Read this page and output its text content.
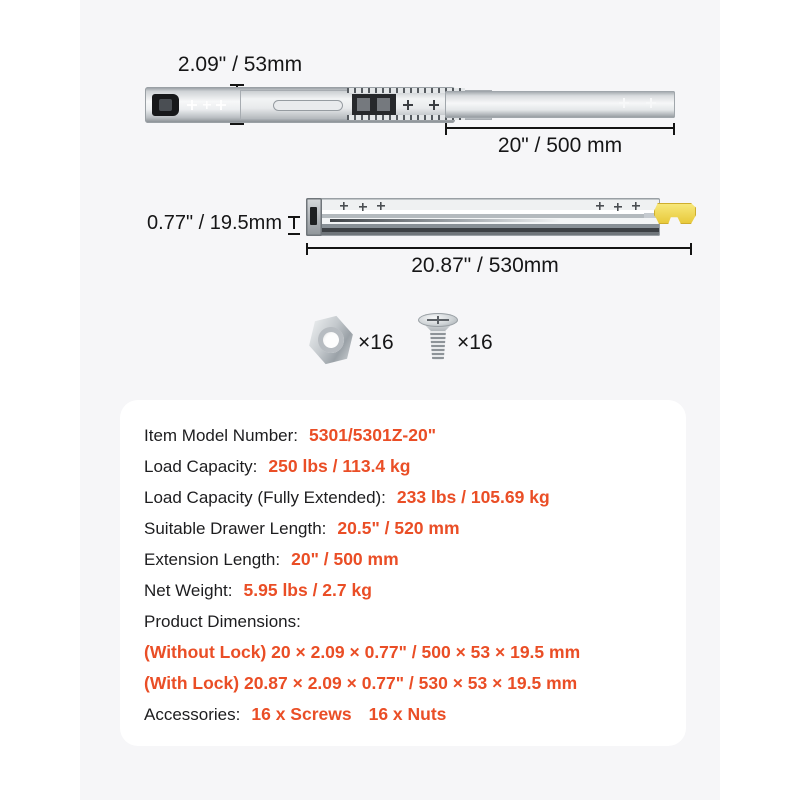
2.09" / 53mm
20" / 500 mm
0.77" / 19.5mm
20.87" / 530mm
×16	×16
Item Model Number: 5301/5301Z-20"
Load Capacity: 250 lbs / 113.4 kg
Load Capacity (Fully Extended): 233 lbs / 105.69 kg
Suitable Drawer Length: 20.5" / 520 mm
Extension Length: 20" / 500 mm
Net Weight: 5.95 lbs / 2.7 kg
Product Dimensions:
(Without Lock) 20 × 2.09 × 0.77" / 500 × 53 × 19.5 mm
(With Lock) 20.87 × 2.09 × 0.77" / 530 × 53 × 19.5 mm
Accessories: 16 x Screws 16 x Nuts
